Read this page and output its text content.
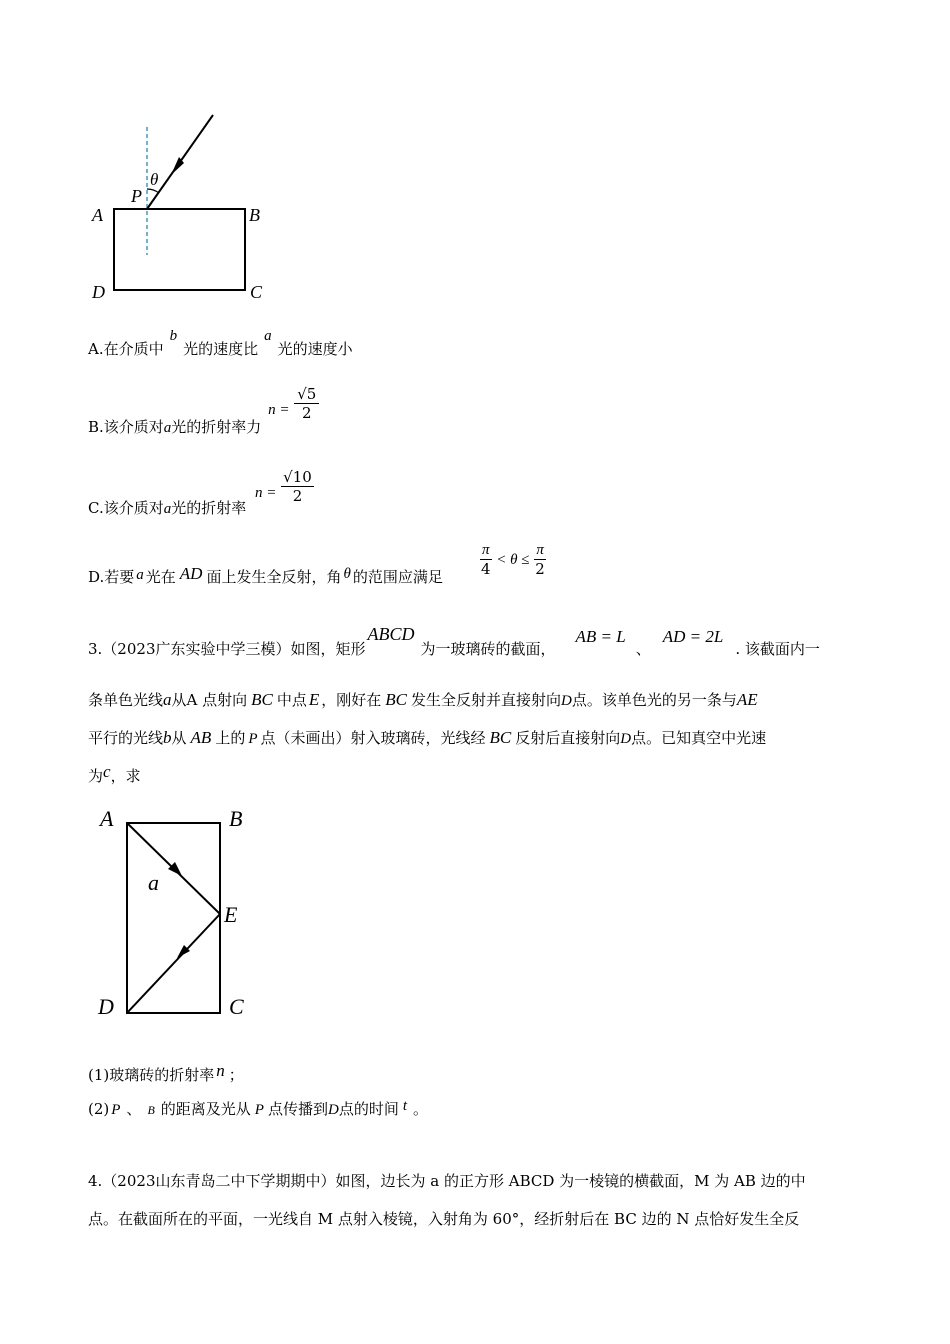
θ
P
A	B
D	C
A.在介质中b光的速度比a光的速度小
B.该介质对a光的折射率力 $n = \frac{√5}{2}$
C.该介质对a光的折射率 $n = \frac{√10}{2}$
D.若要 a 光在 AD 面上发生全反射，角 θ 的范围应满足 $\frac{\pi}{4} < \theta \le \frac{\pi}{2}$
3.（2023广东实验中学三模）如图，矩形ABCD为一玻璃砖的截面，AB = L、AD = 2L. 该截面内一
条单色光线a从A 点射向 BC 中点 E ，刚好在 BC 发生全反射并直接射向D点。该单色光的另一条与AE
平行的光线b从 AB 上的 P 点（未画出）射入玻璃砖，光线经 BC 反射后直接射向D点。已知真空中光速
为c，求
A	B
E
D	C
a
(1)玻璃砖的折射率 n ；
(2) P 、 B 的距离及光从 P 点传播到D点的时间 t 。
4.（2023山东青岛二中下学期期中）如图，边长为 a 的正方形 ABCD 为一棱镜的横截面，M 为 AB 边的中
点。在截面所在的平面，一光线自 M 点射入棱镜，入射角为 60°，经折射后在 BC 边的 N 点恰好发生全反
